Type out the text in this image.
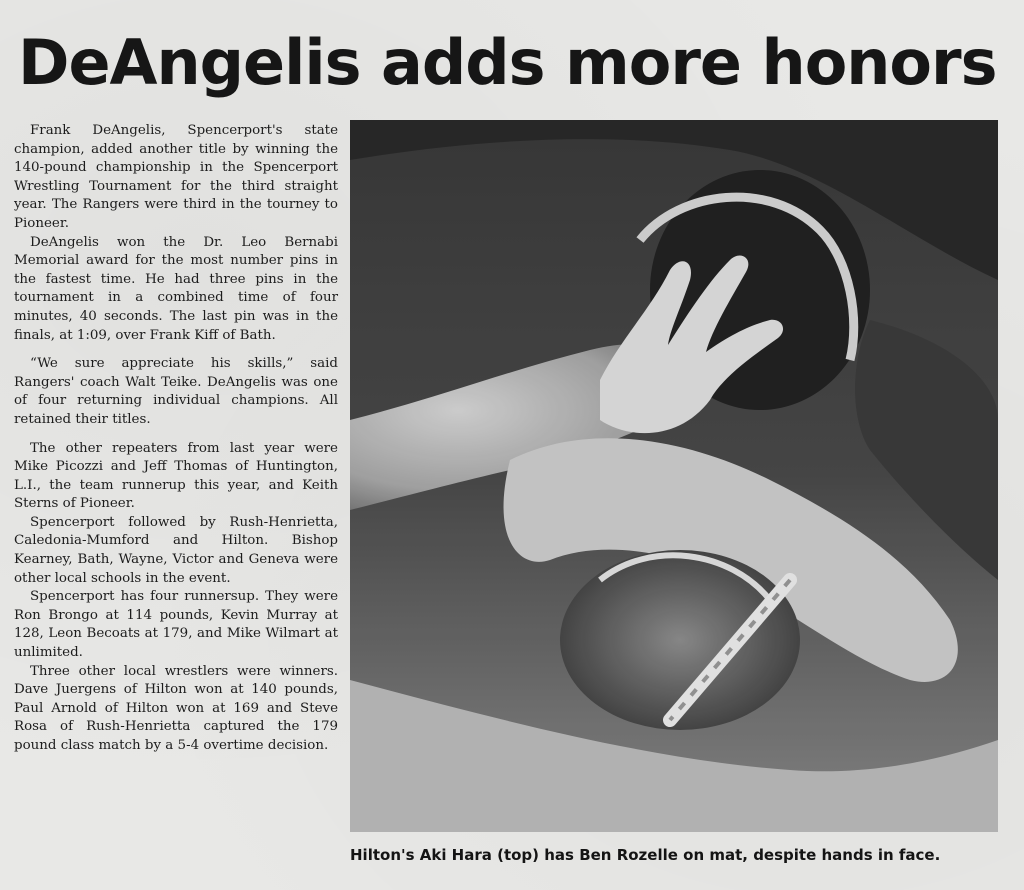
DeAngelis adds more honors

Frank DeAngelis, Spencerport's state champion, added another title by winning the 140-pound championship in the Spencerport Wrestling Tournament for the third straight year. The Rangers were third in the tourney to Pioneer.

DeAngelis won the Dr. Leo Bernabi Memorial award for the most number pins in the fastest time. He had three pins in the tournament in a combined time of four minutes, 40 seconds. The last pin was in the finals, at 1:09, over Frank Kiff of Bath.

“We sure appreciate his skills,” said Rangers' coach Walt Teike. DeAngelis was one of four returning individual champions. All retained their titles.

The other repeaters from last year were Mike Picozzi and Jeff Thomas of Huntington, L.I., the team runnerup this year, and Keith Sterns of Pioneer.

Spencerport followed by Rush-Henrietta, Caledonia-Mumford and Hilton. Bishop Kearney, Bath, Wayne, Victor and Geneva were other local schools in the event.

Spencerport has four runnersup. They were Ron Brongo at 114 pounds, Kevin Murray at 128, Leon Becoats at 179, and Mike Wilmart at unlimited.

Three other local wrestlers were winners. Dave Juergens of Hilton won at 140 pounds, Paul Arnold of Hilton won at 169 and Steve Rosa of Rush-Henrietta captured the 179 pound class match by a 5-4 overtime decision.

Hilton's Aki Hara (top) has Ben Rozelle on mat, despite hands in face.
